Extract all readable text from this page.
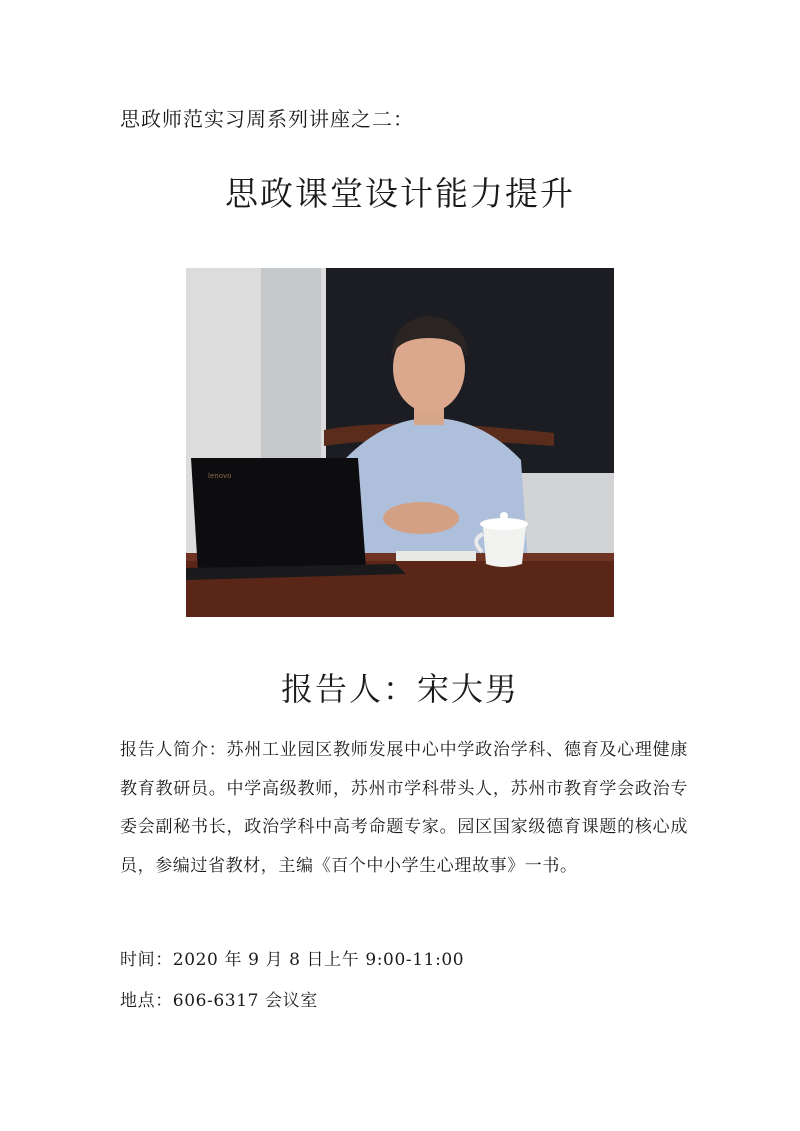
思政师范实习周系列讲座之二：
思政课堂设计能力提升
lenovo
报告人：宋大男
报告人简介：苏州工业园区教师发展中心中学政治学科、德育及心理健康教育教研员。中学高级教师，苏州市学科带头人，苏州市教育学会政治专委会副秘书长，政治学科中高考命题专家。园区国家级德育课题的核心成员，参编过省教材，主编《百个中小学生心理故事》一书。
时间：2020 年 9 月 8 日上午 9:00-11:00
地点：606-6317 会议室
